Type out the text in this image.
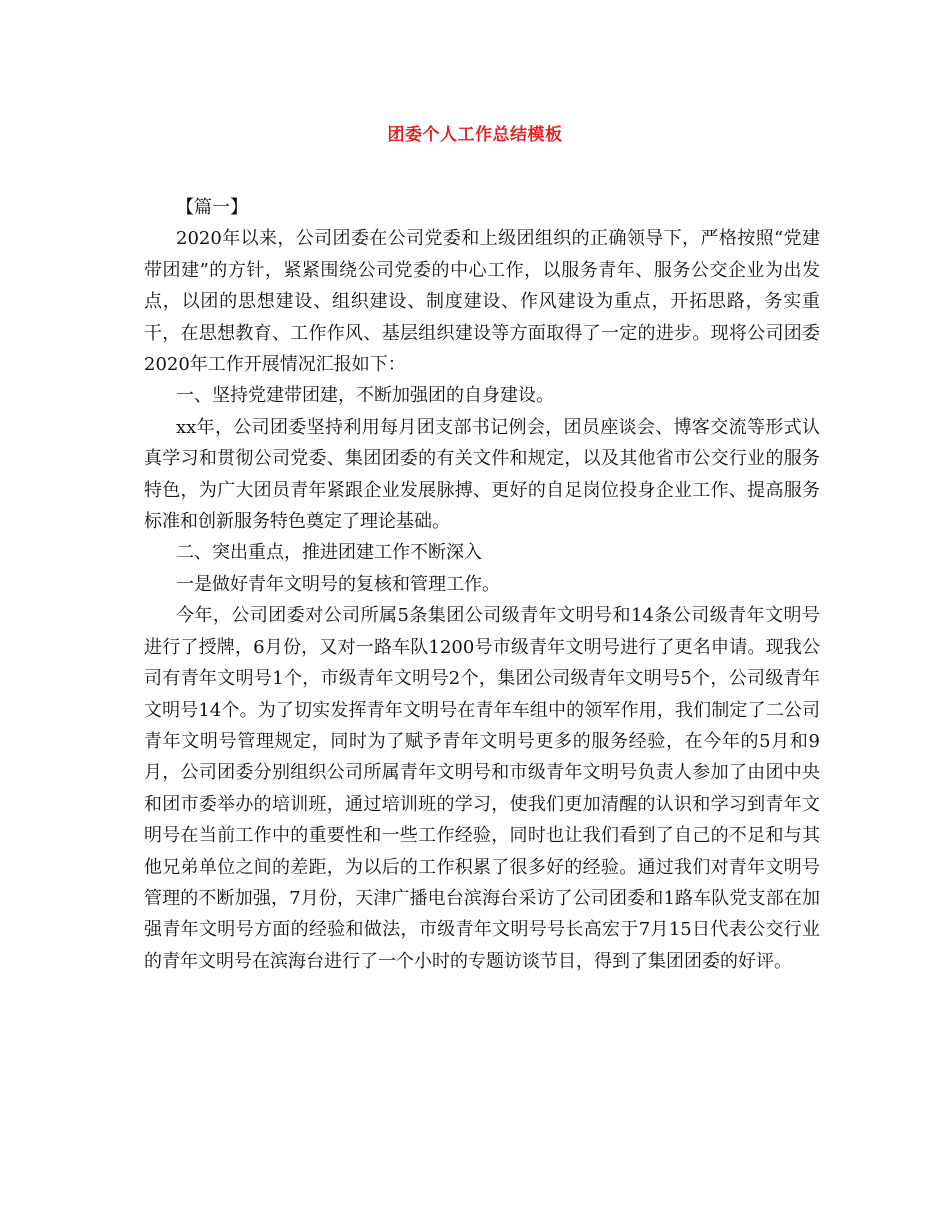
团委个人工作总结模板

【篇一】

2020年以来，公司团委在公司党委和上级团组织的正确领导下，严格按照“党建带团建”的方针，紧紧围绕公司党委的中心工作，以服务青年、服务公交企业为出发点，以团的思想建设、组织建设、制度建设、作风建设为重点，开拓思路，务实重干，在思想教育、工作作风、基层组织建设等方面取得了一定的进步。现将公司团委2020年工作开展情况汇报如下：

一、坚持党建带团建，不断加强团的自身建设。

xx年，公司团委坚持利用每月团支部书记例会，团员座谈会、博客交流等形式认真学习和贯彻公司党委、集团团委的有关文件和规定，以及其他省市公交行业的服务特色，为广大团员青年紧跟企业发展脉搏、更好的自足岗位投身企业工作、提高服务标准和创新服务特色奠定了理论基础。

二、突出重点，推进团建工作不断深入

一是做好青年文明号的复核和管理工作。

今年，公司团委对公司所属5条集团公司级青年文明号和14条公司级青年文明号进行了授牌，6月份，又对一路车队1200号市级青年文明号进行了更名申请。现我公司有青年文明号1个，市级青年文明号2个，集团公司级青年文明号5个，公司级青年文明号14个。为了切实发挥青年文明号在青年车组中的领军作用，我们制定了二公司青年文明号管理规定，同时为了赋予青年文明号更多的服务经验，在今年的5月和9月，公司团委分别组织公司所属青年文明号和市级青年文明号负责人参加了由团中央和团市委举办的培训班，通过培训班的学习，使我们更加清醒的认识和学习到青年文明号在当前工作中的重要性和一些工作经验，同时也让我们看到了自己的不足和与其他兄弟单位之间的差距，为以后的工作积累了很多好的经验。通过我们对青年文明号管理的不断加强，7月份，天津广播电台滨海台采访了公司团委和1路车队党支部在加强青年文明号方面的经验和做法，市级青年文明号号长高宏于7月15日代表公交行业的青年文明号在滨海台进行了一个小时的专题访谈节目，得到了集团团委的好评。
